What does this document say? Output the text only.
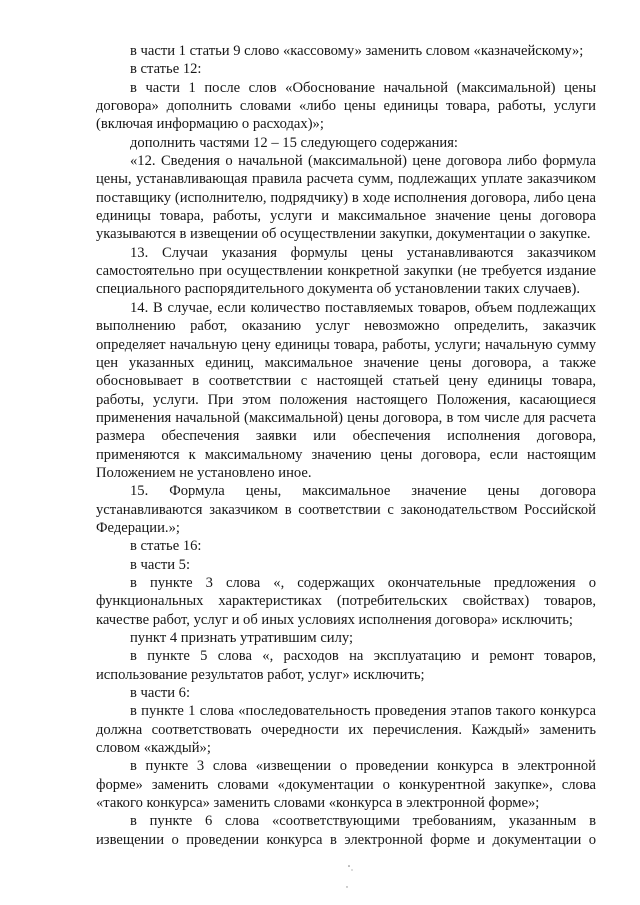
в части 1 статьи 9 слово «кассовому» заменить словом «казначейскому»;

в статье 12:

в части 1 после слов «Обоснование начальной (максимальной) цены договора» дополнить словами «либо цены единицы товара, работы, услуги (включая информацию о расходах)»;

дополнить частями 12 – 15 следующего содержания:

«12. Сведения о начальной (максимальной) цене договора либо формула цены, устанавливающая правила расчета сумм, подлежащих уплате заказчиком поставщику (исполнителю, подрядчику) в ходе исполнения договора, либо цена единицы товара, работы, услуги и максимальное значение цены договора указываются в извещении об осуществлении закупки, документации о закупке.

13. Случаи указания формулы цены устанавливаются заказчиком самостоятельно при осуществлении конкретной закупки (не требуется издание специального распорядительного документа об установлении таких случаев).

14. В случае, если количество поставляемых товаров, объем подлежащих выполнению работ, оказанию услуг невозможно определить, заказчик определяет начальную цену единицы товара, работы, услуги; начальную сумму цен указанных единиц, максимальное значение цены договора, а также обосновывает в соответствии с настоящей статьей цену единицы товара, работы, услуги. При этом положения настоящего Положения, касающиеся применения начальной (максимальной) цены договора, в том числе для расчета размера обеспечения заявки или обеспечения исполнения договора, применяются к максимальному значению цены договора, если настоящим Положением не установлено иное.

15. Формула цены, максимальное значение цены договора устанавливаются заказчиком в соответствии с законодательством Российской Федерации.»;

в статье 16:

в части 5:

в пункте 3 слова «, содержащих окончательные предложения о функциональных характеристиках (потребительских свойствах) товаров, качестве работ, услуг и об иных условиях исполнения договора» исключить;

пункт 4 признать утратившим силу;

в пункте 5 слова «, расходов на эксплуатацию и ремонт товаров, использование результатов работ, услуг» исключить;

в части 6:

в пункте 1 слова «последовательность проведения этапов такого конкурса должна соответствовать очередности их перечисления. Каждый» заменить словом «каждый»;

в пункте 3 слова «извещении о проведении конкурса в электронной форме» заменить словами «документации о конкурентной закупке», слова «такого конкурса» заменить словами «конкурса в электронной форме»;

в пункте 6 слова «соответствующими требованиям, указанным в извещении о проведении конкурса в электронной форме и документации о
